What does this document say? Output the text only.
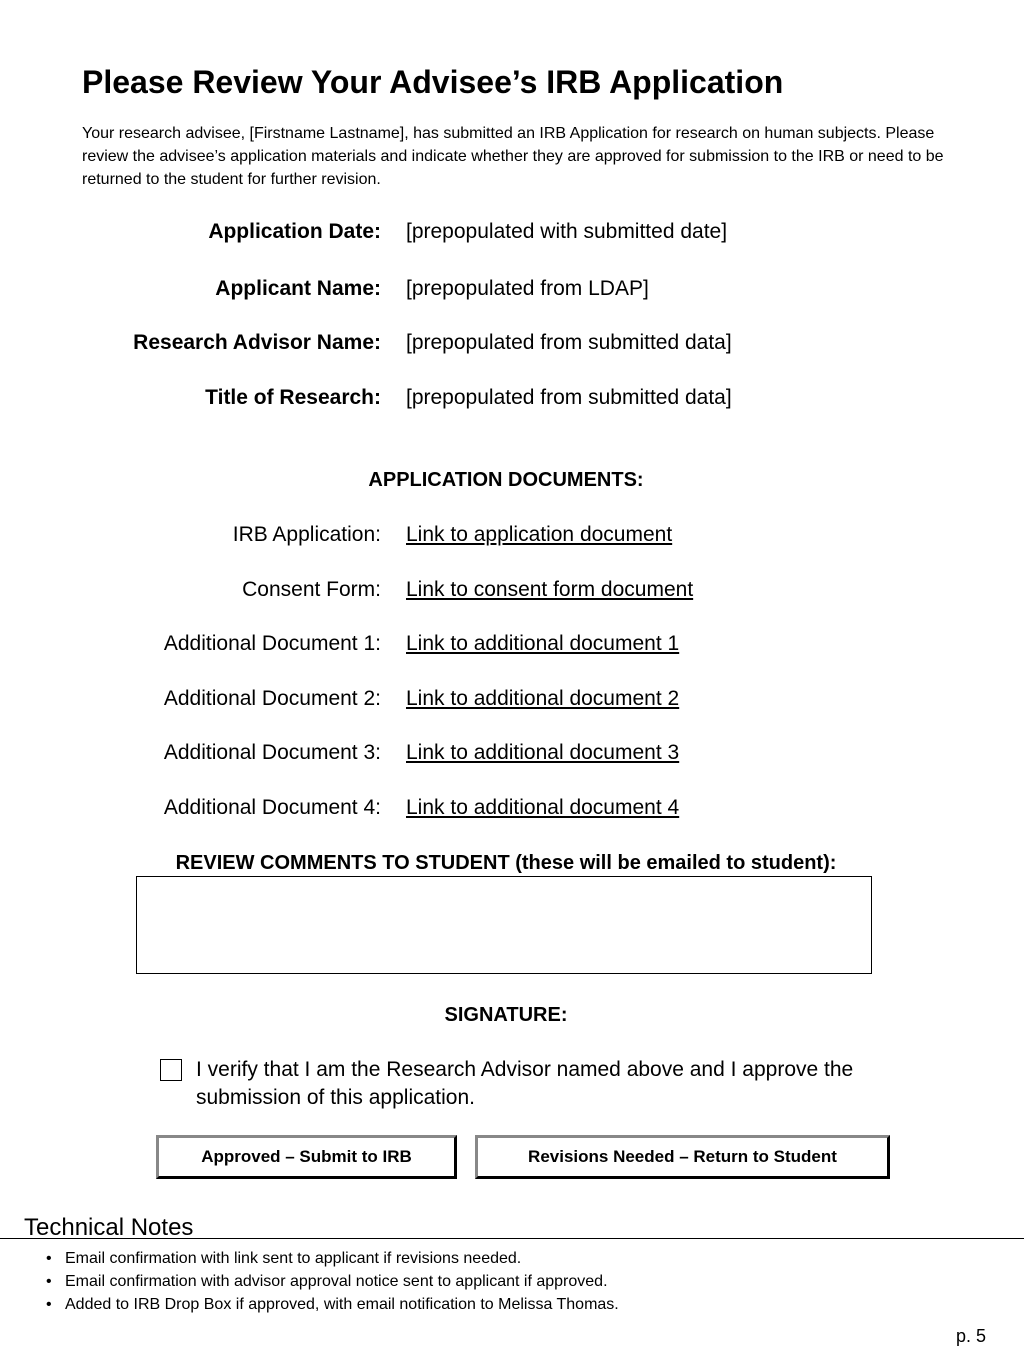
Please Review Your Advisee’s IRB Application
Your research advisee, [Firstname Lastname], has submitted an IRB Application for research on human subjects. Please review the advisee’s application materials and indicate whether they are approved for submission to the IRB or need to be returned to the student for further revision.
Application Date: [prepopulated with submitted date]
Applicant Name: [prepopulated from LDAP]
Research Advisor Name: [prepopulated from submitted data]
Title of Research: [prepopulated from submitted data]
APPLICATION DOCUMENTS:
IRB Application: Link to application document
Consent Form: Link to consent form document
Additional Document 1: Link to additional document 1
Additional Document 2: Link to additional document 2
Additional Document 3: Link to additional document 3
Additional Document 4: Link to additional document 4
REVIEW COMMENTS TO STUDENT (these will be emailed to student):
SIGNATURE:
I verify that I am the Research Advisor named above and I approve the submission of this application.
Approved – Submit to IRB	Revisions Needed – Return to Student
Technical Notes
• Email confirmation with link sent to applicant if revisions needed.
• Email confirmation with advisor approval notice sent to applicant if approved.
• Added to IRB Drop Box if approved, with email notification to Melissa Thomas.
p. 5
